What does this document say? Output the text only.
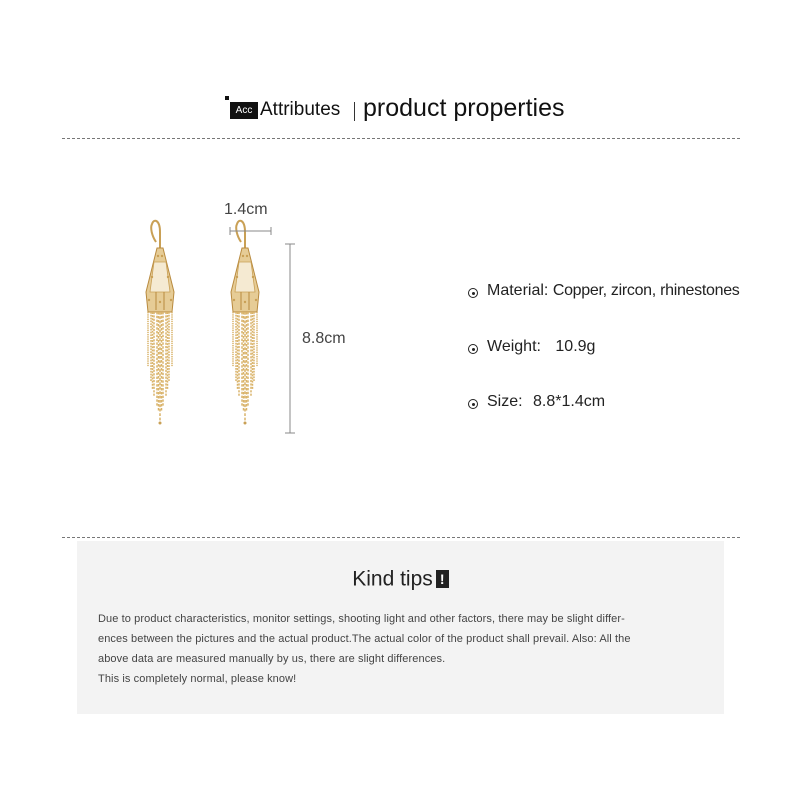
Acc Attributes product properties
1.4cm
8.8cm
Material: Copper, zircon, rhinestones
Weight: 10.9g
Size: 8.8*1.4cm
Kind tips !
Due to product characteristics, monitor settings, shooting light and other factors, there may be slight differ-
ences between the pictures and the actual product.The actual color of the product shall prevail. Also: All the
above data are measured manually by us, there are slight differences.
This is completely normal, please know!
